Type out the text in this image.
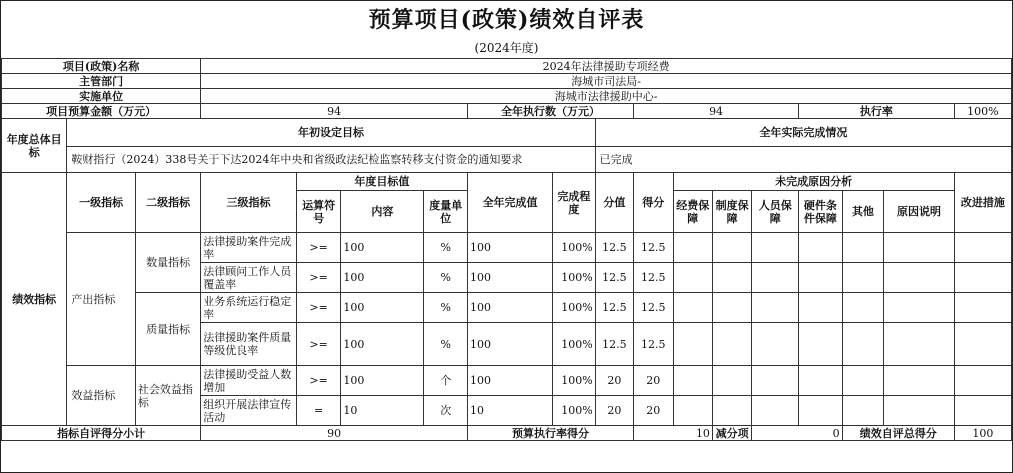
预算项目(政策)绩效自评表
(2024年度)
项目(政策)名称			2024年法律援助专项经费														
主管部门			海城市司法局-														
实施单位			海城市法律援助中心-														
项目预算金额（万元）			94				全年执行数（万元）			94				执行率			100%
年度总体目标	年初设定目标								全年实际完成情况								
	鞍财指行（2024）338号关于下达2024年中央和省级政法纪检监察转移支付资金的通知要求								已完成								
绩效指标	一级指标	二级指标	三级指标	年度目标值			全年完成值	完成程度	分值	得分	未完成原因分析						改进措施
				运算符号	内容	度量单位					经费保障	制度保障	人员保障	硬件条件保障	其他	原因说明	
	产出指标	数量指标	法律援助案件完成率	>=	100	%	100	100%	12.5	12.5							
			法律顾问工作人员覆盖率	>=	100	%	100	100%	12.5	12.5							
		质量指标	业务系统运行稳定率	>=	100	%	100	100%	12.5	12.5							
			法律援助案件质量等级优良率	>=	100	%	100	100%	12.5	12.5							
	效益指标	社会效益指标	法律援助受益人数增加	>=	100	个	100	100%	20	20							
			组织开展法律宣传活动	=	10	次	10	100%	20	20							
指标自评得分小计			90				预算执行率得分			10		减分项	0		绩效自评总得分		100
